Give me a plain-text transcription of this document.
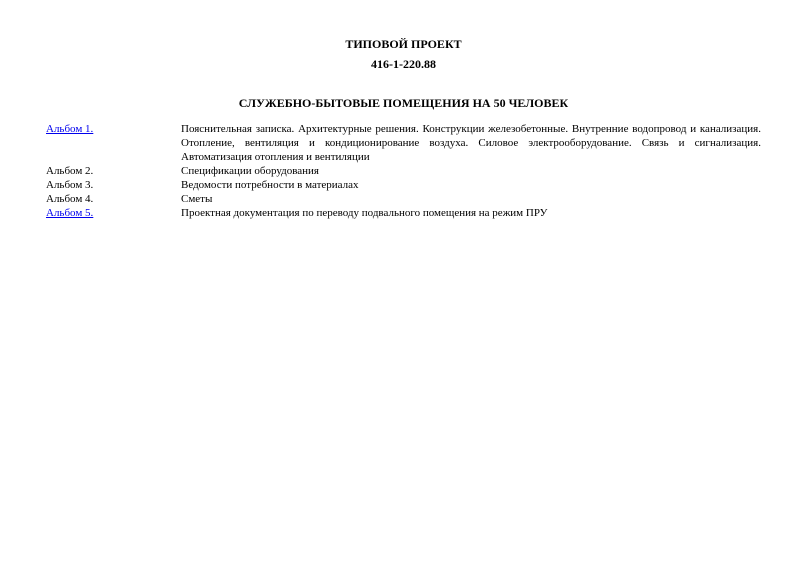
ТИПОВОЙ ПРОЕКТ
416-1-220.88
СЛУЖЕБНО-БЫТОВЫЕ ПОМЕЩЕНИЯ НА 50 ЧЕЛОВЕК
Альбом 1.	Пояснительная записка. Архитектурные решения. Конструкции железобетонные. Внутренние водопровод и канализация. Отопление, вентиляция и кондиционирование воздуха. Силовое электрооборудование. Связь и сигнализация. Автоматизация отопления и вентиляции
Альбом 2.	Спецификации оборудования
Альбом 3.	Ведомости потребности в материалах
Альбом 4.	Сметы
Альбом 5.	Проектная документация по переводу подвального помещения на режим ПРУ
